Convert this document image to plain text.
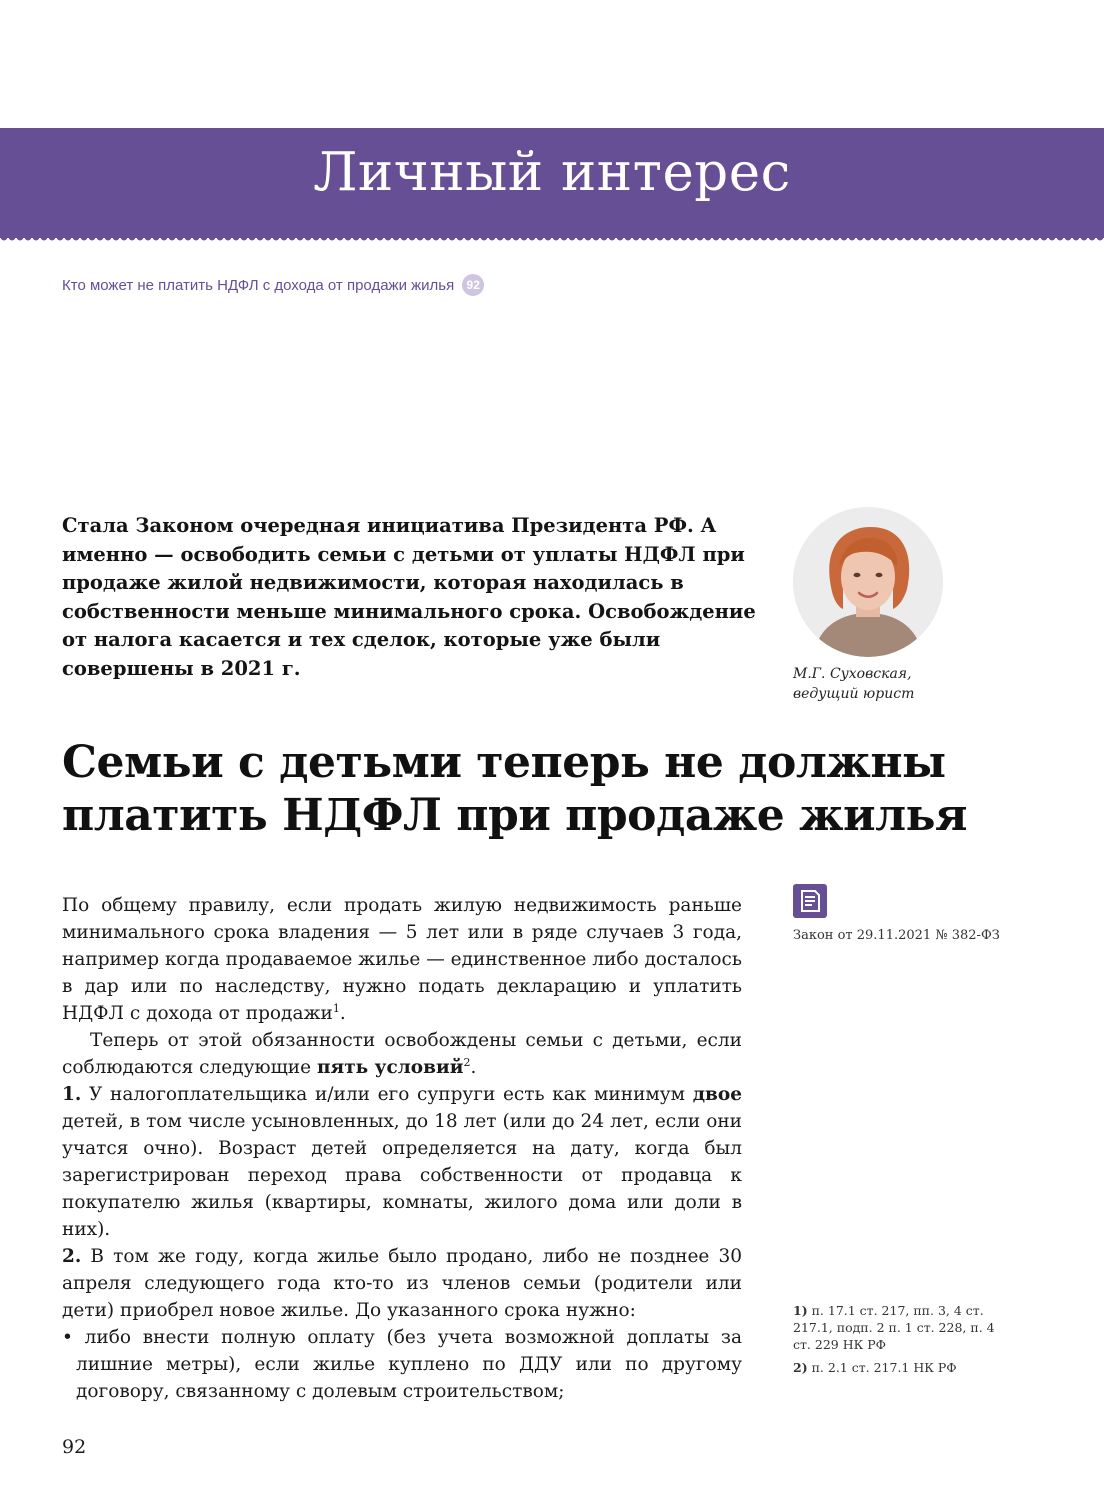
Личный интерес
Кто может не платить НДФЛ с дохода от продажи жилья	92

Стала Законом очередная инициатива Президента РФ. А именно — освободить семьи с детьми от уплаты НДФЛ при продаже жилой недвижимости, которая находилась в собственности меньше минимального срока. Освобождение от налога касается и тех сделок, которые уже были совершены в 2021 г.	М.Г. Суховская,
ведущий юрист
Семьи с детьми теперь не должны платить НДФЛ при продаже жилья

По общему правилу, если продать жилую недвижимость раньше минимального срока владения — 5 лет или в ряде случаев 3 года, например когда продаваемое жилье — единственное либо досталось в дар или по наследству, нужно подать декларацию и уплатить НДФЛ с дохода от продажи$^1$.

Теперь от этой обязанности освобождены семьи с детьми, если соблюдаются следующие пять условий$^2$.

1. У налогоплательщика и/или его супруги есть как минимум двое детей, в том числе усыновленных, до 18 лет (или до 24 лет, если они учатся очно). Возраст детей определяется на дату, когда был зарегистрирован переход права собственности от продавца к покупателю жилья (квартиры, комнаты, жилого дома или доли в них).

2. В том же году, когда жилье было продано, либо не позднее 30 апреля следующего года кто-то из членов семьи (родители или дети) приобрел новое жилье. До указанного срока нужно:

• либо внести полную оплату (без учета возможной доплаты за лишние метры), если жилье куплено по ДДУ или по другому договору, связанному с долевым строительством;

Закон от 29.11.2021 № 382-ФЗ
1) п. 17.1 ст. 217, пп. 3, 4 ст. 217.1, подп. 2 п. 1 ст. 228, п. 4 ст. 229 НК РФ
2) п. 2.1 ст. 217.1 НК РФ
92
